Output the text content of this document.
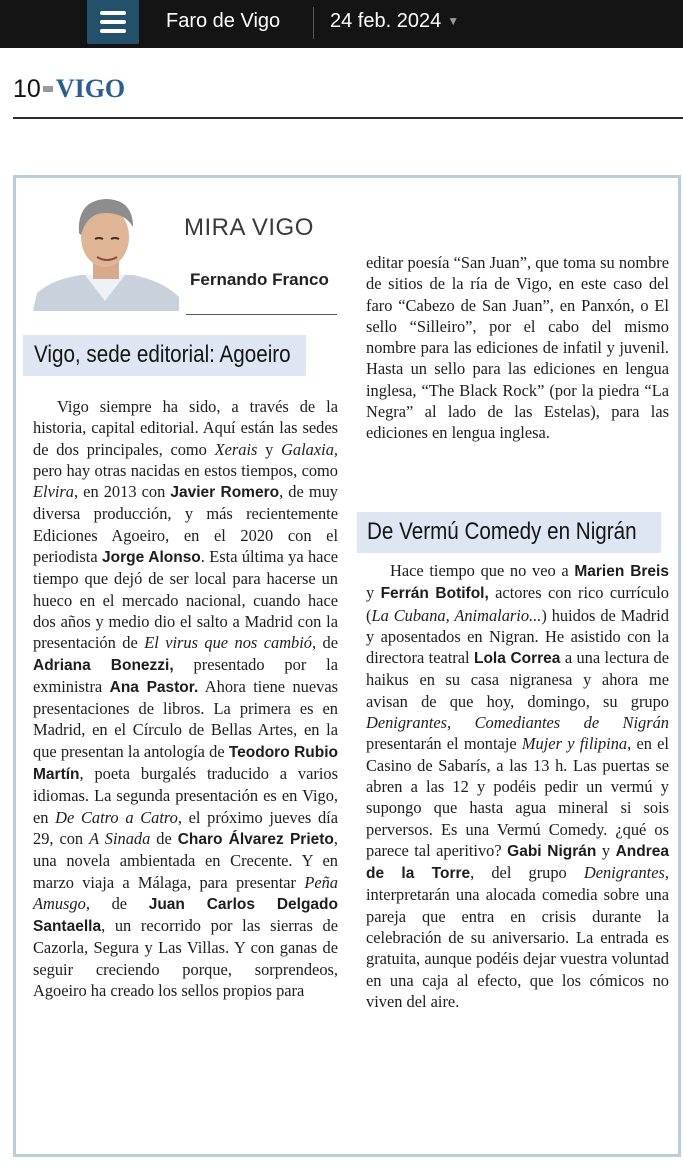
Faro de Vigo 24 feb. 2024 ▼
10 VIGO
MIRA VIGO
Fernando Franco
Vigo, sede editorial: Agoeiro

Vigo siempre ha sido, a través de la historia, capital editorial. Aquí están las sedes de dos principales, como Xerais y Galaxia, pero hay otras nacidas en estos tiempos, como Elvira, en 2013 con Javier Romero, de muy diversa producción, y más recientemente Ediciones Agoeiro, en el 2020 con el periodista Jorge Alonso. Esta última ya hace tiempo que dejó de ser local para hacerse un hueco en el mercado nacional, cuando hace dos años y medio dio el salto a Madrid con la presentación de El virus que nos cambió, de Adriana Bonezzi, presentado por la exministra Ana Pastor. Ahora tiene nuevas presentaciones de libros. La primera es en Madrid, en el Círculo de Bellas Artes, en la que presentan la antología de Teodoro Rubio Martín, poeta burgalés traducido a varios idiomas. La segunda presentación es en Vigo, en De Catro a Catro, el próximo jueves día 29, con A Sinada de Charo Álvarez Prieto, una novela ambientada en Crecente. Y en marzo viaja a Málaga, para presentar Peña Amusgo, de Juan Carlos Delgado Santaella, un recorrido por las sierras de Cazorla, Segura y Las Villas. Y con ganas de seguir creciendo porque, sorprendeos, Agoeiro ha creado los sellos propios para

editar poesía “San Juan”, que toma su nombre de sitios de la ría de Vigo, en este caso del faro “Cabezo de San Juan”, en Panxón, o El sello “Silleiro”, por el cabo del mismo nombre para las ediciones de infatil y juvenil. Hasta un sello para las ediciones en lengua inglesa, “The Black Rock” (por la piedra “La Negra” al lado de las Estelas), para las ediciones en lengua inglesa.

De Vermú Comedy en Nigrán

Hace tiempo que no veo a Marien Breis y Ferrán Botifol, actores con rico currículo (La Cubana, Animalario...) huidos de Madrid y aposentados en Nigran. He asistido con la directora teatral Lola Correa a una lectura de haikus en su casa nigranesa y ahora me avisan de que hoy, domingo, su grupo Denigrantes, Comediantes de Nigrán presentarán el montaje Mujer y filipina, en el Casino de Sabarís, a las 13 h. Las puertas se abren a las 12 y podéis pedir un vermú y supongo que hasta agua mineral si sois perversos. Es una Vermú Comedy. ¿qué os parece tal aperitivo? Gabi Nigrán y Andrea de la Torre, del grupo Denigrantes, interpretarán una alocada comedia sobre una pareja que entra en crisis durante la celebración de su aniversario. La entrada es gratuita, aunque podéis dejar vuestra voluntad en una caja al efecto, que los cómicos no viven del aire.
